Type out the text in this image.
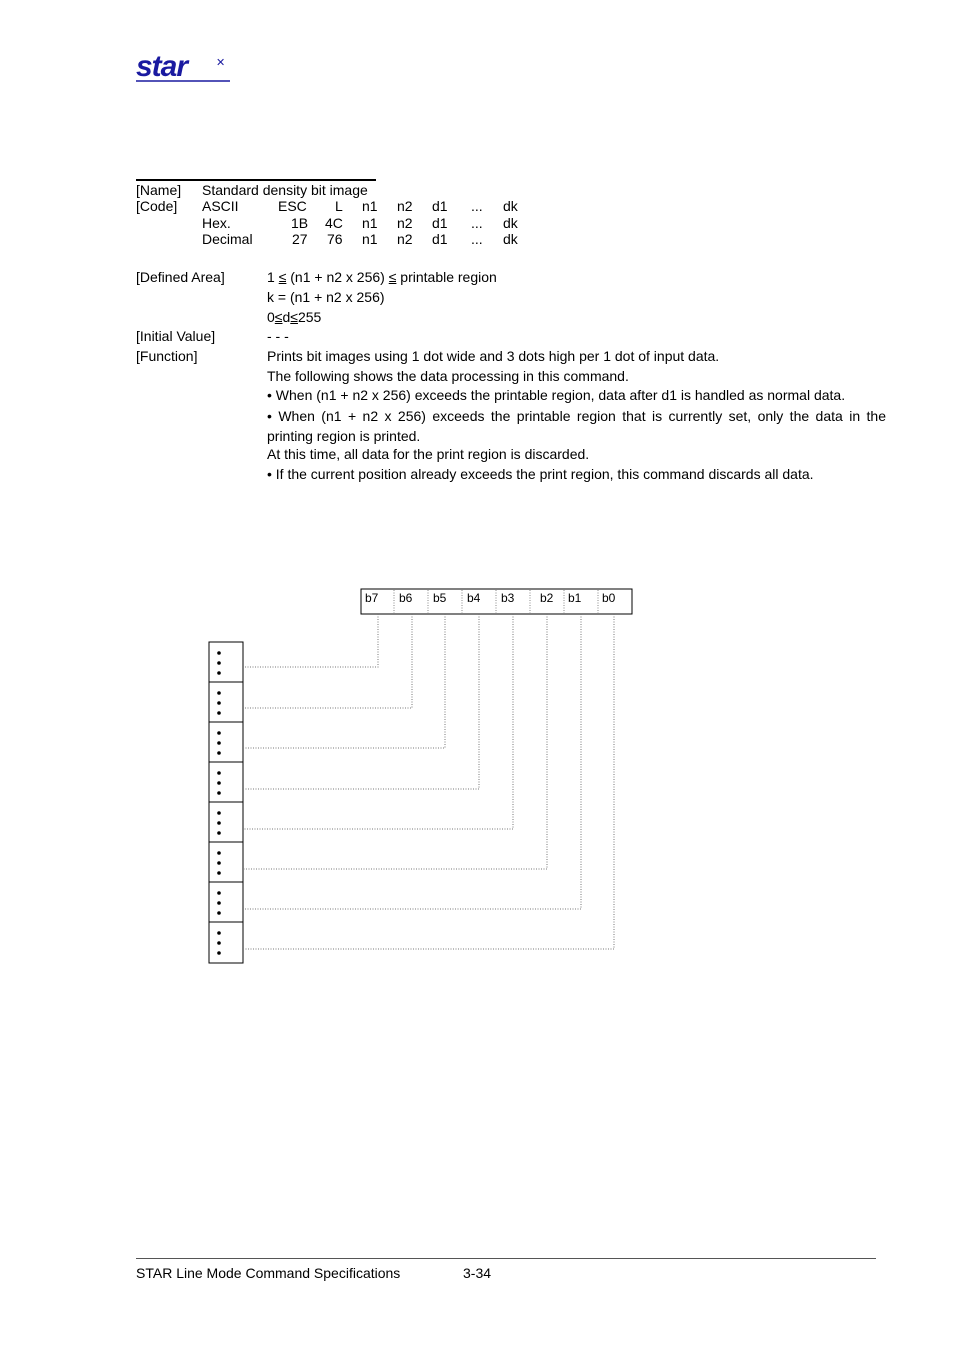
star	✕
[Name] Standard density bit image
[Code] ASCII	ESC L n1 n2 d1 ... dk
Hex.	1B 4C n1 n2 d1 ... dk
Decimal	27 76 n1 n2 d1 ... dk
[Defined Area]	1 ≤ (n1 + n2 x 256) ≤ printable region
k = (n1 + n2 x 256)
0≤d≤255
[Initial Value]	- - -
[Function]	Prints bit images using 1 dot wide and 3 dots high per 1 dot of input data.
The following shows the data processing in this command.
• When (n1 + n2 x 256) exceeds the printable region, data after d1 is handled as normal data.
• When (n1 + n2 x 256) exceeds the printable region that is currently set, only the data in the printing region is printed.
At this time, all data for the print region is discarded.
• If the current position already exceeds the print region, this command discards all data.
b7 b6 b5 b4 b3 b2 b1 b0
STAR Line Mode Command Specifications	3-34
